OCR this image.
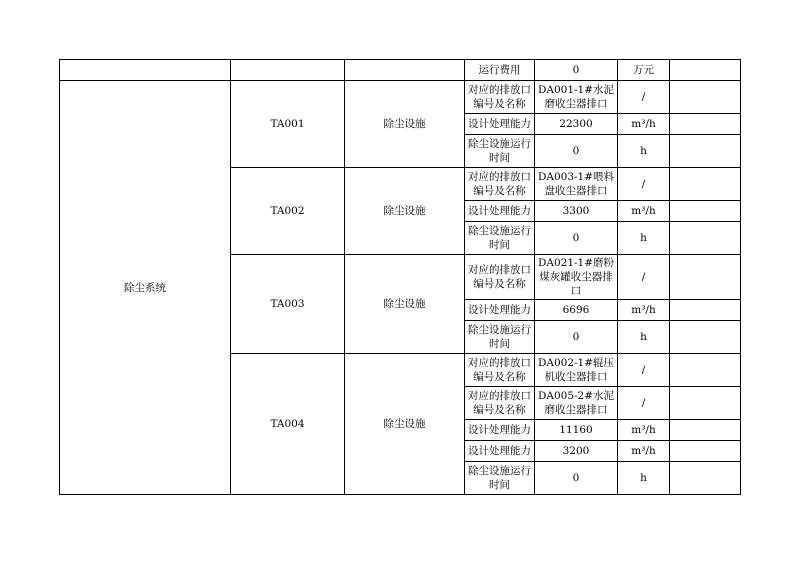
			运行费用	0	万元	
除尘系统	TA001	除尘设施	对应的排放口编号及名称	DA001-1#水泥磨收尘器排口	/	
			设计处理能力	22300	m³/h	
			除尘设施运行时间	0	h	
	TA002	除尘设施	对应的排放口编号及名称	DA003-1#喂料盘收尘器排口	/	
			设计处理能力	3300	m³/h	
			除尘设施运行时间	0	h	
	TA003	除尘设施	对应的排放口编号及名称	DA021-1#磨粉煤灰罐收尘器排口	/	
			设计处理能力	6696	m³/h	
			除尘设施运行时间	0	h	
	TA004	除尘设施	对应的排放口编号及名称	DA002-1#辊压机收尘器排口	/	
			对应的排放口编号及名称	DA005-2#水泥磨收尘器排口	/	
			设计处理能力	11160	m³/h	
			设计处理能力	3200	m³/h	
			除尘设施运行时间	0	h	
